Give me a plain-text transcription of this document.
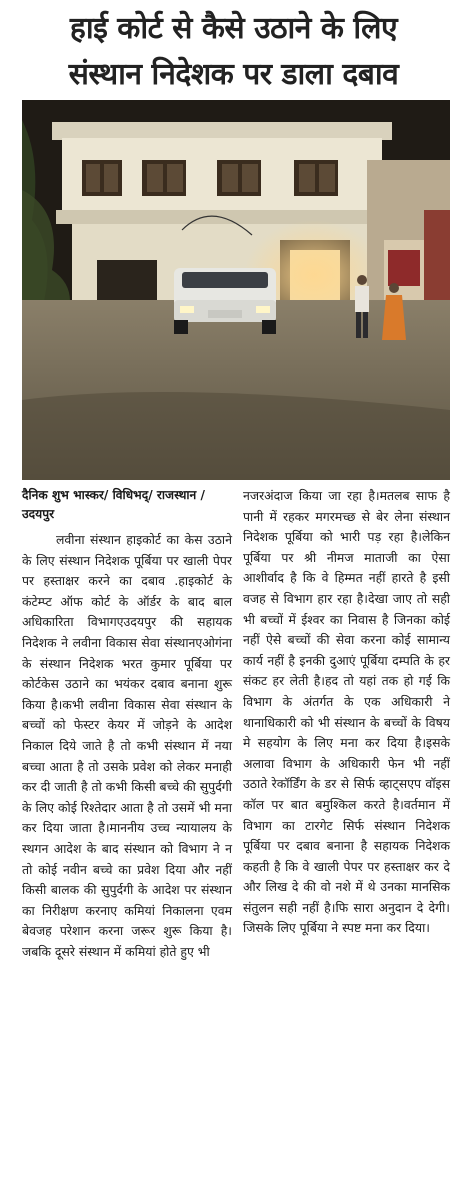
हाई कोर्ट से कैसे उठाने के लिए
संस्थान निदेशक पर डाला दबाव

दैनिक शुभ भास्कर/ विधिभद्/ राजस्थान /उदयपुर

लवीना संस्थान हाइकोर्ट का केस उठाने के लिए संस्थान निदेशक पूर्बिया पर खाली पेपर पर हस्ताक्षर करने का दबाव .हाइकोर्ट के कंटेम्प्ट ऑफ कोर्ट के ऑर्डर के बाद बाल अधिकारिता विभागएउदयपुर की सहायक निदेशक ने लवीना विकास सेवा संस्थानएओगंना के संस्थान निदेशक भरत कुमार पूर्बिया पर कोर्टकेस उठाने का भयंकर दबाव बनाना शुरू किया है।कभी लवीना विकास सेवा संस्थान के बच्चों को फेस्टर केयर में जोड़ने के आदेश निकाल दिये जाते है तो कभी संस्थान में नया बच्चा आता है तो उसके प्रवेश को लेकर मनाही कर दी जाती है तो कभी किसी बच्चे की सुपुर्दगी के लिए कोई रिश्तेदार आता है तो उसमें भी मना कर दिया जाता है।माननीय उच्च न्यायालय के स्थगन आदेश के बाद संस्थान को विभाग ने न तो कोई नवीन बच्चे का प्रवेश दिया और नहीं किसी बालक की सुपुर्दगी के आदेश पर संस्थान का निरीक्षण करनाए कमियां निकालना एवम बेवजह परेशान करना जरूर शुरू किया है।जबकि दूसरे संस्थान में कमियां होते हुए भी

नजरअंदाज किया जा रहा है।मतलब साफ है पानी में रहकर मगरमच्छ से बेर लेना संस्थान निदेशक पूर्बिया को भारी पड़ रहा है।लेकिन पूर्बिया पर श्री नीमज माताजी का ऐसा आशीर्वाद है कि वे हिम्मत नहीं हारते है इसी वजह से विभाग हार रहा है।देखा जाए तो सही भी बच्चों में ईश्वर का निवास है जिनका कोई नहीं ऐसे बच्चों की सेवा करना कोई सामान्य कार्य नहीं है इनकी दुआएं पूर्बिया दम्पति के हर संकट हर लेती है।हद तो यहां तक हो गई कि विभाग के अंतर्गत के एक अधिकारी ने थानाधिकारी को भी संस्थान के बच्चों के विषय मे सहयोग के लिए मना कर दिया है।इसके अलावा विभाग के अधिकारी फेन भी नहीं उठाते रेकॉर्डिंग के डर से सिर्फ व्हाट्सएप वॉइस कॉल पर बात बमुश्किल करते है।वर्तमान में विभाग का टारगेट सिर्फ संस्थान निदेशक पूर्बिया पर दबाव बनाना है सहायक निदेशक कहती है कि वे खाली पेपर पर हस्ताक्षर कर दे और लिख दे की वो नशे में थे उनका मानसिक संतुलन सही नहीं है।फि सारा अनुदान दे देगी।जिसके लिए पूर्बिया ने स्पष्ट मना कर दिया।
